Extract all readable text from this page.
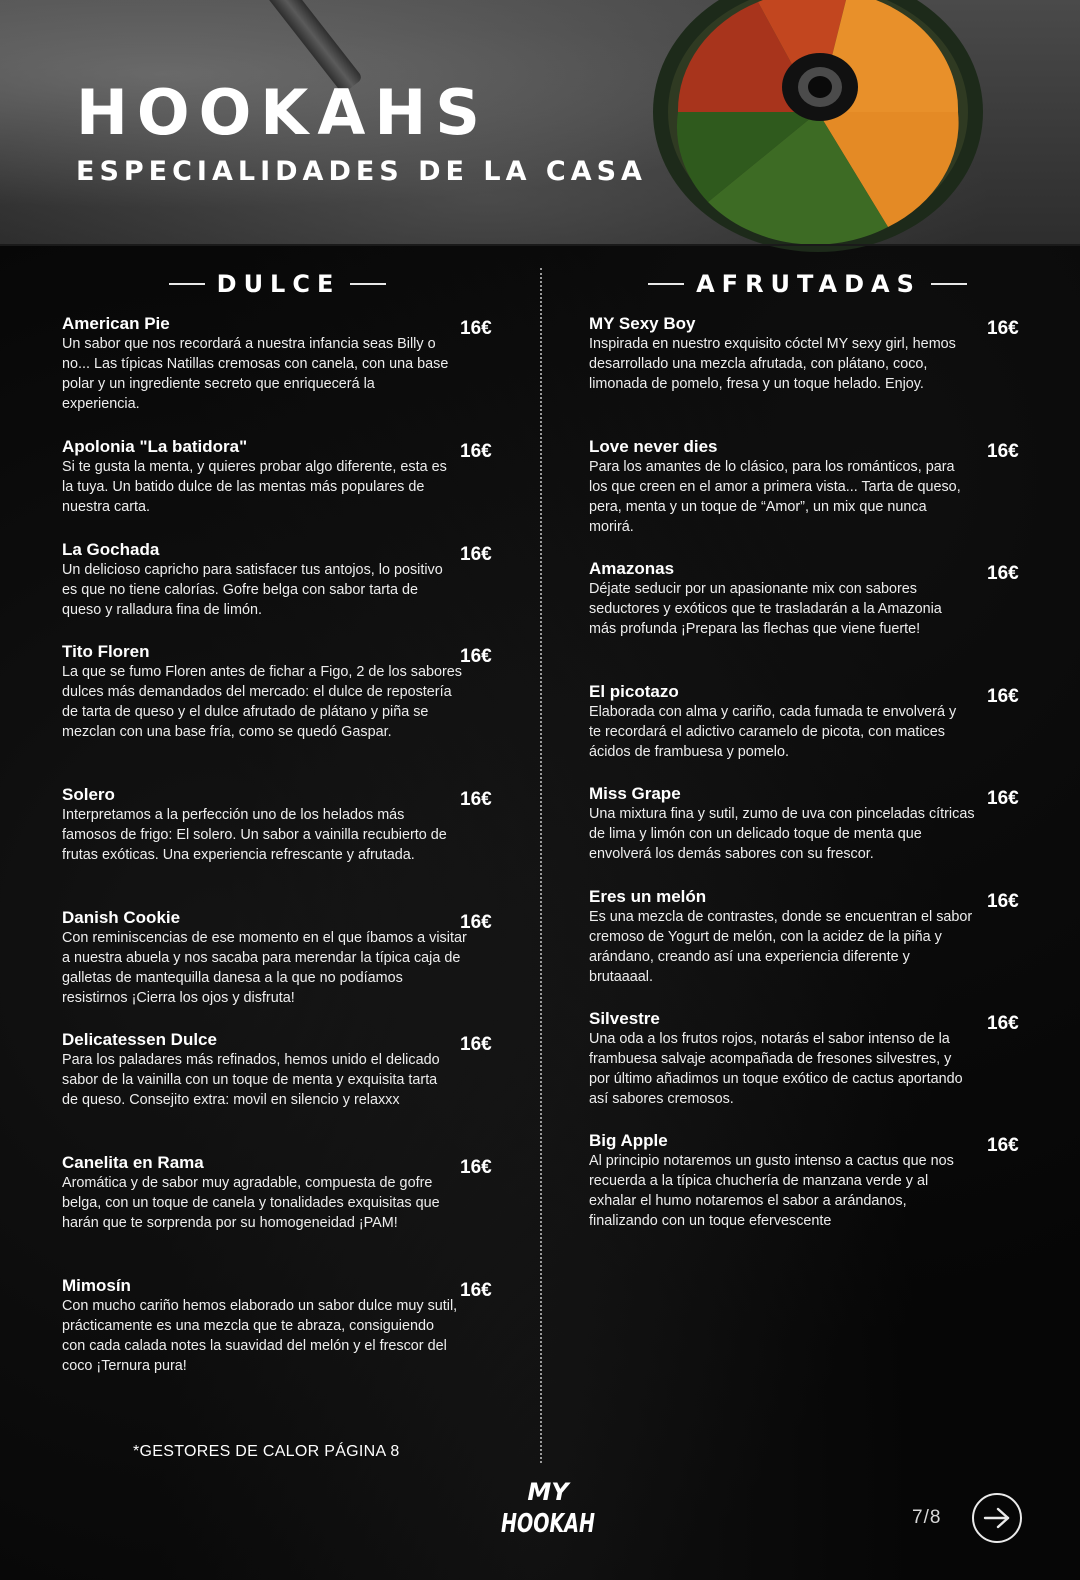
HOOKAHS
ESPECIALIDADES DE LA CASA
DULCE	AFRUTADAS
American Pie
Un sabor que nos recordará a nuestra infancia seas Billy o no... Las típicas Natillas cremosas con canela, con una base polar y un ingrediente secreto que enriquecerá la experiencia.
16€
Apolonia "La batidora"
Si te gusta la menta, y quieres probar algo diferente, esta es la tuya. Un batido dulce de las mentas más populares de nuestra carta.
16€
La Gochada
Un delicioso capricho para satisfacer tus antojos, lo positivo es que no tiene calorías. Gofre belga con sabor tarta de queso y ralladura fina de limón.
16€
Tito Floren
La que se fumo Floren antes de fichar a Figo, 2 de los sabores dulces más demandados del mercado: el dulce de repostería de tarta de queso y el dulce afrutado de plátano y piña se mezclan con una base fría, como se quedó Gaspar.
16€
Solero
Interpretamos a la perfección uno de los helados más famosos de frigo: El solero. Un sabor a vainilla recubierto de frutas exóticas. Una experiencia refrescante y afrutada.
16€
Danish Cookie
Con reminiscencias de ese momento en el que íbamos a visitar a nuestra abuela y nos sacaba para merendar la típica caja de galletas de mantequilla danesa a la que no podíamos resistirnos ¡Cierra los ojos y disfruta!
16€
Delicatessen Dulce
Para los paladares más refinados, hemos unido el delicado sabor de la vainilla con un toque de menta y exquisita tarta de queso. Consejito extra: movil en silencio y relaxxx
16€
Canelita en Rama
Aromática y de sabor muy agradable, compuesta de gofre belga, con un toque de canela y tonalidades exquisitas que harán que te sorprenda por su homogeneidad ¡PAM!
16€
Mimosín
Con mucho cariño hemos elaborado un sabor dulce muy sutil, prácticamente es una mezcla que te abraza, consiguiendo con cada calada notes la suavidad del melón y el frescor del coco ¡Ternura pura!
16€
MY Sexy Boy
Inspirada en nuestro exquisito cóctel MY sexy girl, hemos desarrollado una mezcla afrutada, con plátano, coco, limonada de pomelo, fresa y un toque helado. Enjoy.
16€
Love never dies
Para los amantes de lo clásico, para los románticos, para los que creen en el amor a primera vista... Tarta de queso, pera, menta y un toque de “Amor”, un mix que nunca morirá.
16€
Amazonas
Déjate seducir por un apasionante mix con sabores seductores y exóticos que te trasladarán a la Amazonia más profunda ¡Prepara las flechas que viene fuerte!
16€
El picotazo
Elaborada con alma y cariño, cada fumada te envolverá y te recordará el adictivo caramelo de picota, con matices ácidos de frambuesa y pomelo.
16€
Miss Grape
Una mixtura fina y sutil, zumo de uva con pinceladas cítricas de lima y limón con un delicado toque de menta que envolverá los demás sabores con su frescor.
16€
Eres un melón
Es una mezcla de contrastes, donde se encuentran el sabor cremoso de Yogurt de melón, con la acidez de la piña y arándano, creando así una experiencia diferente y brutaaaal.
16€
Silvestre
Una oda a los frutos rojos, notarás el sabor intenso de la frambuesa salvaje acompañada de fresones silvestres, y por último añadimos un toque exótico de cactus aportando así sabores cremosos.
16€
Big Apple
Al principio notaremos un gusto intenso a cactus que nos recuerda a la típica chuchería de manzana verde y al exhalar el humo notaremos el sabor a arándanos, finalizando con un toque efervescente
16€
*GESTORES DE CALOR PÁGINA 8
MY
HOOKAH	7/8
